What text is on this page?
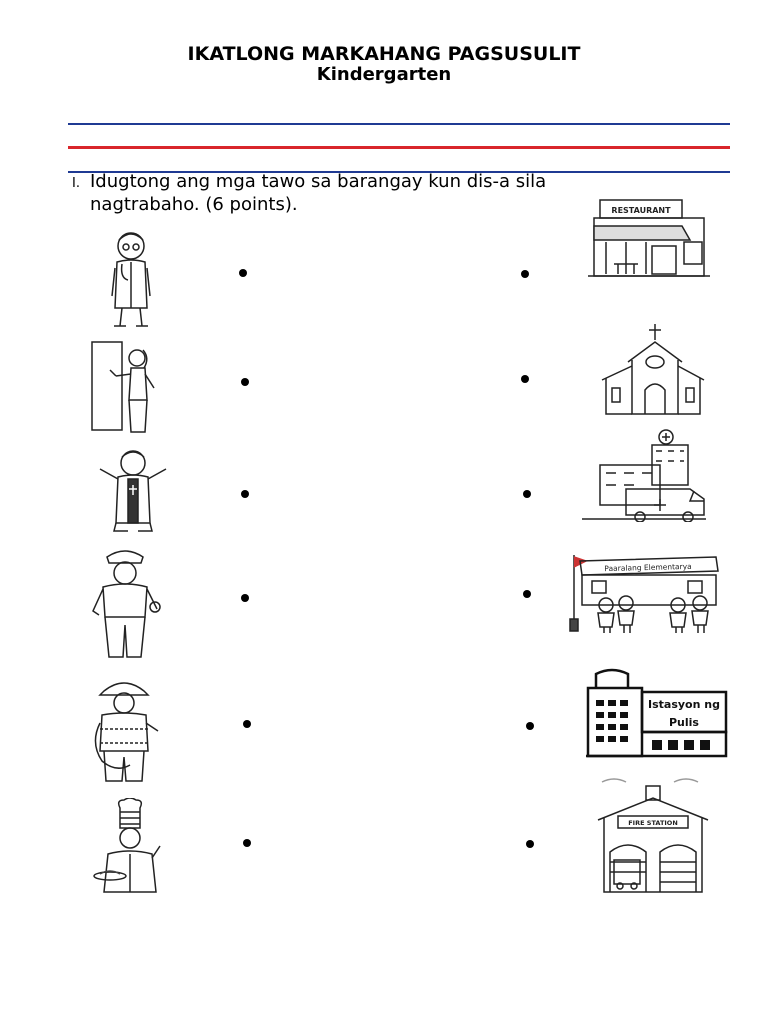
IKATLONG MARKAHANG PAGSUSULIT
Kindergarten
I. Idugtong ang mga tawo sa barangay kun dis-a sila nagtrabaho. (6 points).	RESTAURANT
Paaralang Elementarya
Istasyon ng
Pulis
FIRE STATION
